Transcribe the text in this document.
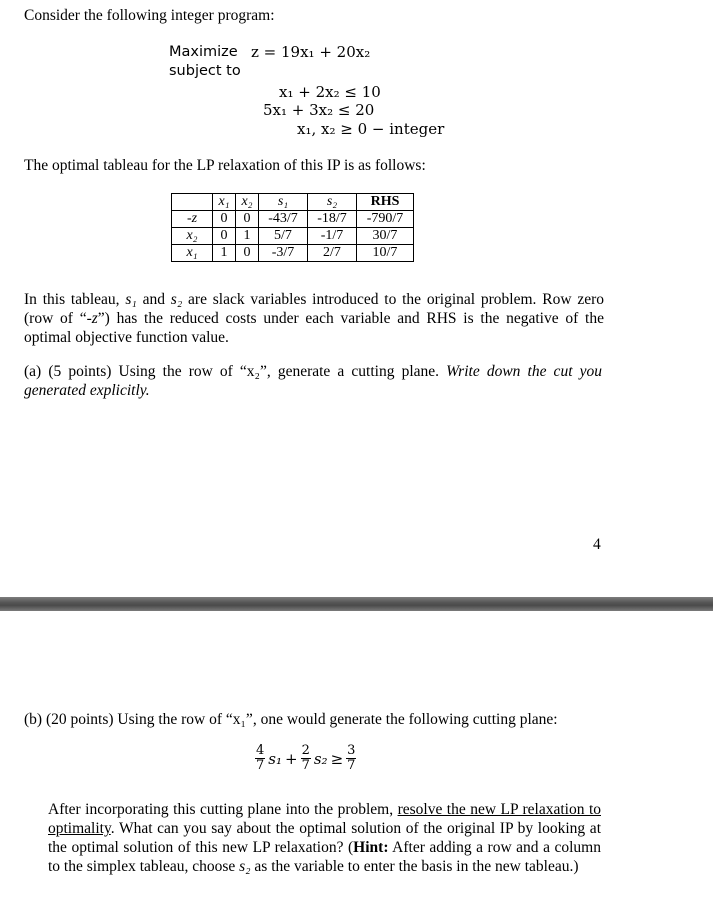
Consider the following integer program:

Maximize z = 19x₁ + 20x₂
subject to
x₁ + 2x₂ ≤ 10
5x₁ + 3x₂ ≤ 20
x₁, x₂ ≥ 0 − integer

The optimal tableau for the LP relaxation of this IP is as follows:

	x₁	x₂	s₁	s₂	RHS
-z	0	0	-43/7	-18/7	-790/7
x₂	0	1	5/7	-1/7	30/7
x₁	1	0	-3/7	2/7	10/7

In this tableau, s₁ and s₂ are slack variables introduced to the original problem. Row zero (row of “-z”) has the reduced costs under each variable and RHS is the negative of the optimal objective function value.

(a) (5 points) Using the row of “x₂”, generate a cutting plane. Write down the cut you generated explicitly.

4

(b) (20 points) Using the row of “x₁”, one would generate the following cutting plane:

$\frac{4}{7} s_1 + \frac{2}{7} s_2 \ge \frac{3}{7}$

After incorporating this cutting plane into the problem, resolve the new LP relaxation to optimality. What can you say about the optimal solution of the original IP by looking at the optimal solution of this new LP relaxation? (Hint: After adding a row and a column to the simplex tableau, choose s₂ as the variable to enter the basis in the new tableau.)
